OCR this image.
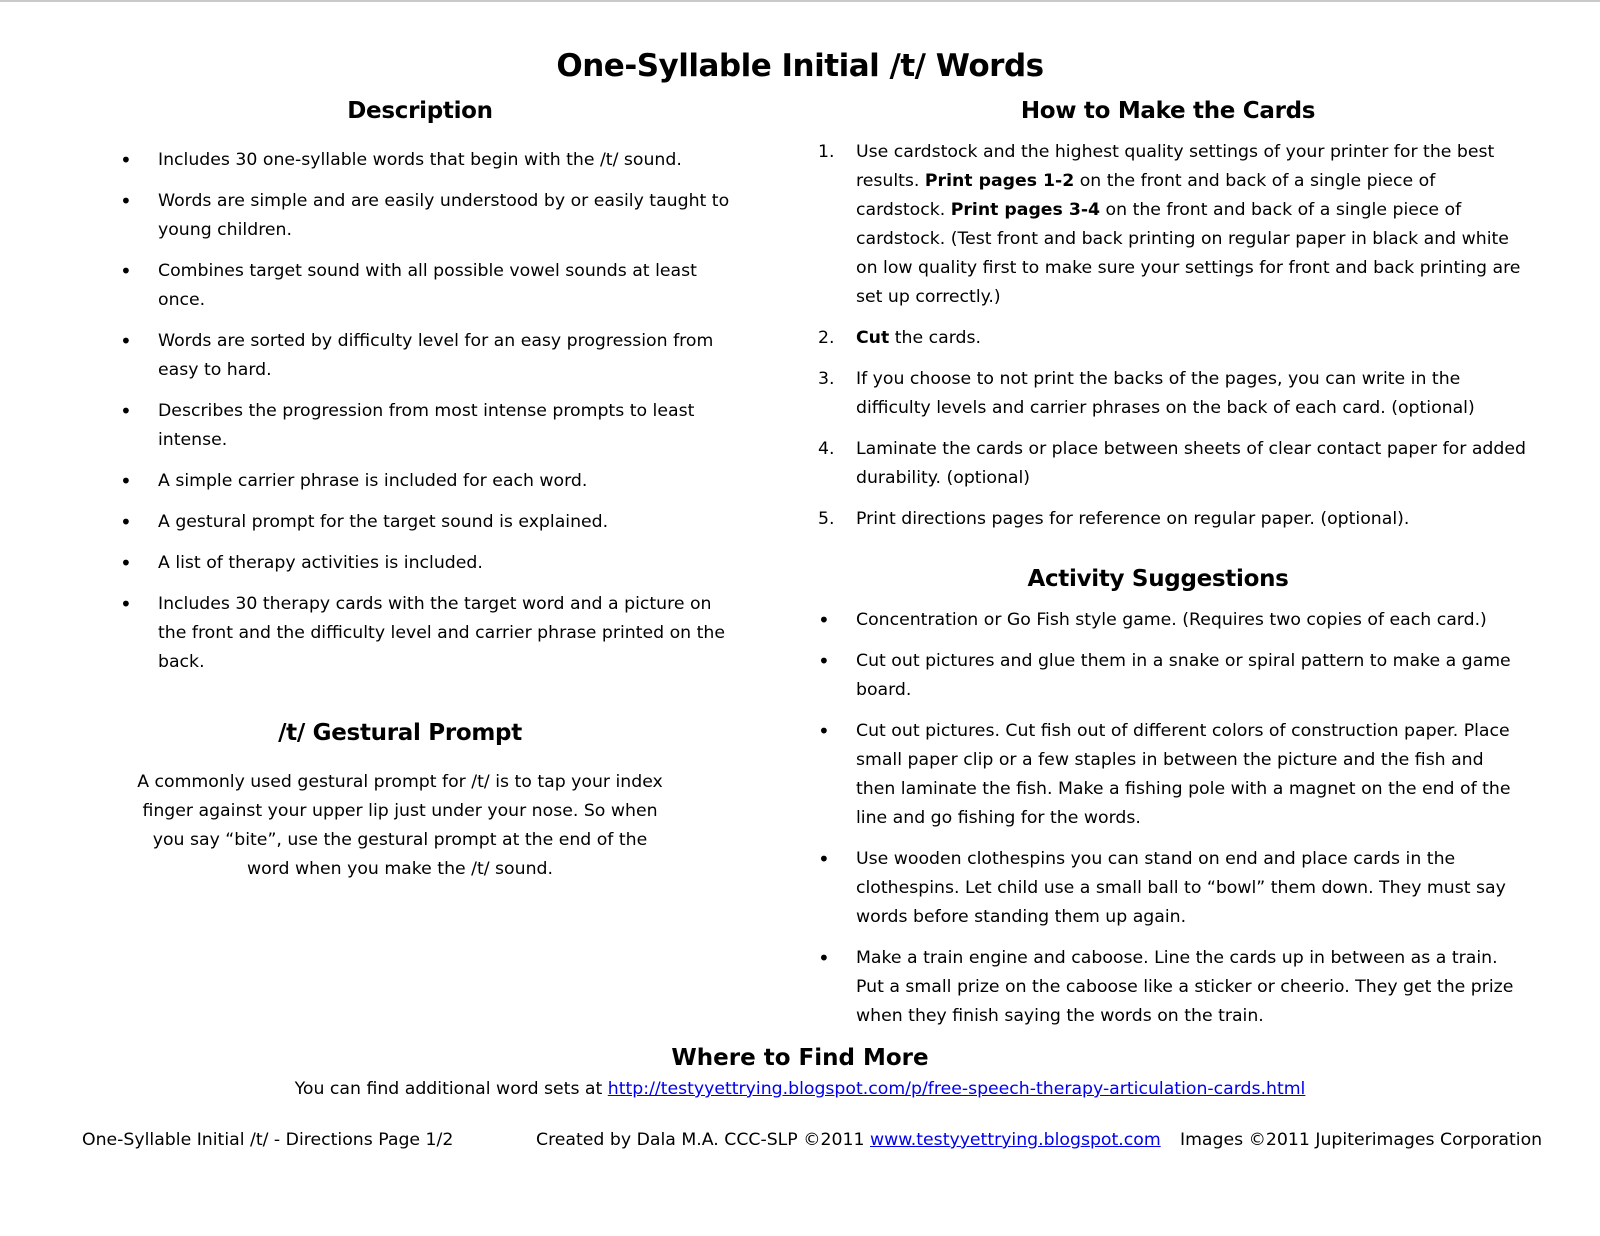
One-Syllable Initial /t/ Words
Description
• Includes 30 one-syllable words that begin with the /t/ sound.
• Words are simple and are easily understood by or easily taught to young children.
• Combines target sound with all possible vowel sounds at least once.
• Words are sorted by difficulty level for an easy progression from easy to hard.
• Describes the progression from most intense prompts to least intense.
• A simple carrier phrase is included for each word.
• A gestural prompt for the target sound is explained.
• A list of therapy activities is included.
• Includes 30 therapy cards with the target word and a picture on the front and the difficulty level and carrier phrase printed on the back.
/t/ Gestural Prompt
A commonly used gestural prompt for /t/ is to tap your index finger against your upper lip just under your nose. So when you say “bite”, use the gestural prompt at the end of the word when you make the /t/ sound.
How to Make the Cards
1. Use cardstock and the highest quality settings of your printer for the best results. Print pages 1-2 on the front and back of a single piece of cardstock. Print pages 3-4 on the front and back of a single piece of cardstock. (Test front and back printing on regular paper in black and white on low quality first to make sure your settings for front and back printing are set up correctly.)
2. Cut the cards.
3. If you choose to not print the backs of the pages, you can write in the difficulty levels and carrier phrases on the back of each card. (optional)
4. Laminate the cards or place between sheets of clear contact paper for added durability. (optional)
5. Print directions pages for reference on regular paper. (optional).
Activity Suggestions
• Concentration or Go Fish style game. (Requires two copies of each card.)
• Cut out pictures and glue them in a snake or spiral pattern to make a game board.
• Cut out pictures. Cut fish out of different colors of construction paper. Place small paper clip or a few staples in between the picture and the fish and then laminate the fish. Make a fishing pole with a magnet on the end of the line and go fishing for the words.
• Use wooden clothespins you can stand on end and place cards in the clothespins. Let child use a small ball to “bowl” them down. They must say words before standing them up again.
• Make a train engine and caboose. Line the cards up in between as a train. Put a small prize on the caboose like a sticker or cheerio. They get the prize when they finish saying the words on the train.
Where to Find More
You can find additional word sets at http://testyyettrying.blogspot.com/p/free-speech-therapy-articulation-cards.html
One-Syllable Initial /t/ - Directions Page 1/2	Created by Dala M.A. CCC-SLP ©2011 www.testyyettrying.blogspot.com Images ©2011 Jupiterimages Corporation
